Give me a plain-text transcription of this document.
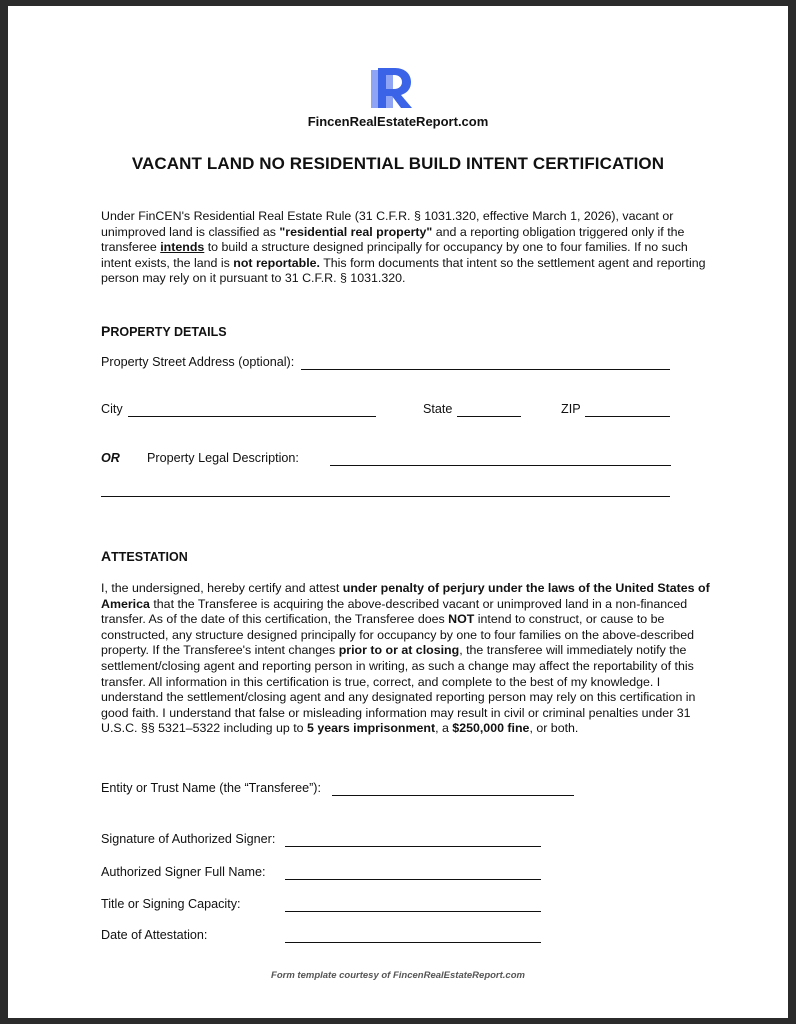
FincenRealEstateReport.com
VACANT LAND NO RESIDENTIAL BUILD INTENT CERTIFICATION

Under FinCEN's Residential Real Estate Rule (31 C.F.R. § 1031.320, effective March 1, 2026), vacant or unimproved land is classified as "residential real property" and a reporting obligation triggered only if the transferee intends to build a structure designed principally for occupancy by one to four families. If no such intent exists, the land is not reportable. This form documents that intent so the settlement agent and reporting person may rely on it pursuant to 31 C.F.R. § 1031.320.

PROPERTY DETAILS
Property Street Address (optional):
City	State	ZIP
OR Property Legal Description:
ATTESTATION

I, the undersigned, hereby certify and attest under penalty of perjury under the laws of the United States of America that the Transferee is acquiring the above-described vacant or unimproved land in a non-financed transfer. As of the date of this certification, the Transferee does NOT intend to construct, or cause to be constructed, any structure designed principally for occupancy by one to four families on the above-described property. If the Transferee's intent changes prior to or at closing, the transferee will immediately notify the settlement/closing agent and reporting person in writing, as such a change may affect the reportability of this transfer. All information in this certification is true, correct, and complete to the best of my knowledge. I understand the settlement/closing agent and any designated reporting person may rely on this certification in good faith. I understand that false or misleading information may result in civil or criminal penalties under 31 U.S.C. §§ 5321–5322 including up to 5 years imprisonment, a $250,000 fine, or both.

Entity or Trust Name (the “Transferee”):
Signature of Authorized Signer:
Authorized Signer Full Name:
Title or Signing Capacity:
Date of Attestation:
Form template courtesy of FincenRealEstateReport.com
